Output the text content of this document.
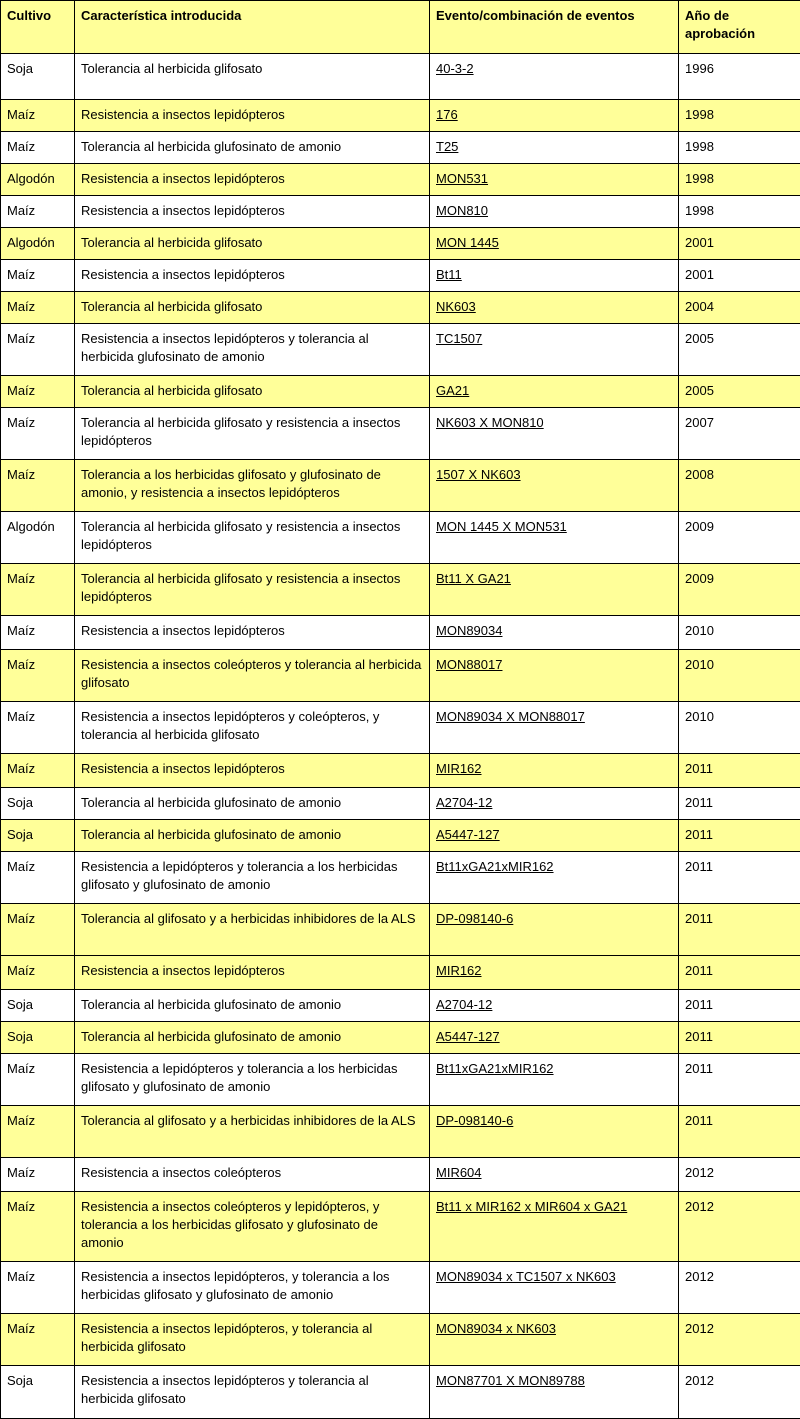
Cultivo	Característica introducida	Evento/combinación de eventos	Año de aprobación
Soja	Tolerancia al herbicida glifosato	40-3-2	1996
Maíz	Resistencia a insectos lepidópteros	176	1998
Maíz	Tolerancia al herbicida glufosinato de amonio	T25	1998
Algodón	Resistencia a insectos lepidópteros	MON531	1998
Maíz	Resistencia a insectos lepidópteros	MON810	1998
Algodón	Tolerancia al herbicida glifosato	MON 1445	2001
Maíz	Resistencia a insectos lepidópteros	Bt11	2001
Maíz	Tolerancia al herbicida glifosato	NK603	2004
Maíz	Resistencia a insectos lepidópteros y tolerancia al herbicida glufosinato de amonio	TC1507	2005
Maíz	Tolerancia al herbicida glifosato	GA21	2005
Maíz	Tolerancia al herbicida glifosato y resistencia a insectos lepidópteros	NK603 X MON810	2007
Maíz	Tolerancia a los herbicidas glifosato y glufosinato de amonio, y resistencia a insectos lepidópteros	1507 X NK603	2008
Algodón	Tolerancia al herbicida glifosato y resistencia a insectos lepidópteros	MON 1445 X MON531	2009
Maíz	Tolerancia al herbicida glifosato y resistencia a insectos lepidópteros	Bt11 X GA21	2009
Maíz	Resistencia a insectos lepidópteros	MON89034	2010
Maíz	Resistencia a insectos coleópteros y tolerancia al herbicida glifosato	MON88017	2010
Maíz	Resistencia a insectos lepidópteros y coleópteros, y tolerancia al herbicida glifosato	MON89034 X MON88017	2010
Maíz	Resistencia a insectos lepidópteros	MIR162	2011
Soja	Tolerancia al herbicida glufosinato de amonio	A2704-12	2011
Soja	Tolerancia al herbicida glufosinato de amonio	A5447-127	2011
Maíz	Resistencia a lepidópteros y tolerancia a los herbicidas glifosato y glufosinato de amonio	Bt11xGA21xMIR162	2011
Maíz	Tolerancia al glifosato y a herbicidas inhibidores de la ALS	DP-098140-6	2011
Maíz	Resistencia a insectos lepidópteros	MIR162	2011
Soja	Tolerancia al herbicida glufosinato de amonio	A2704-12	2011
Soja	Tolerancia al herbicida glufosinato de amonio	A5447-127	2011
Maíz	Resistencia a lepidópteros y tolerancia a los herbicidas glifosato y glufosinato de amonio	Bt11xGA21xMIR162	2011
Maíz	Tolerancia al glifosato y a herbicidas inhibidores de la ALS	DP-098140-6	2011
Maíz	Resistencia a insectos coleópteros	MIR604	2012
Maíz	Resistencia a insectos coleópteros y lepidópteros, y tolerancia a los herbicidas glifosato y glufosinato de amonio	Bt11 x MIR162 x MIR604 x GA21	2012
Maíz	Resistencia a insectos lepidópteros, y tolerancia a los herbicidas glifosato y glufosinato de amonio	MON89034 x TC1507 x NK603	2012
Maíz	Resistencia a insectos lepidópteros, y tolerancia al herbicida glifosato	MON89034 x NK603	2012
Soja	Resistencia a insectos lepidópteros y tolerancia al herbicida glifosato	MON87701 X MON89788	2012
